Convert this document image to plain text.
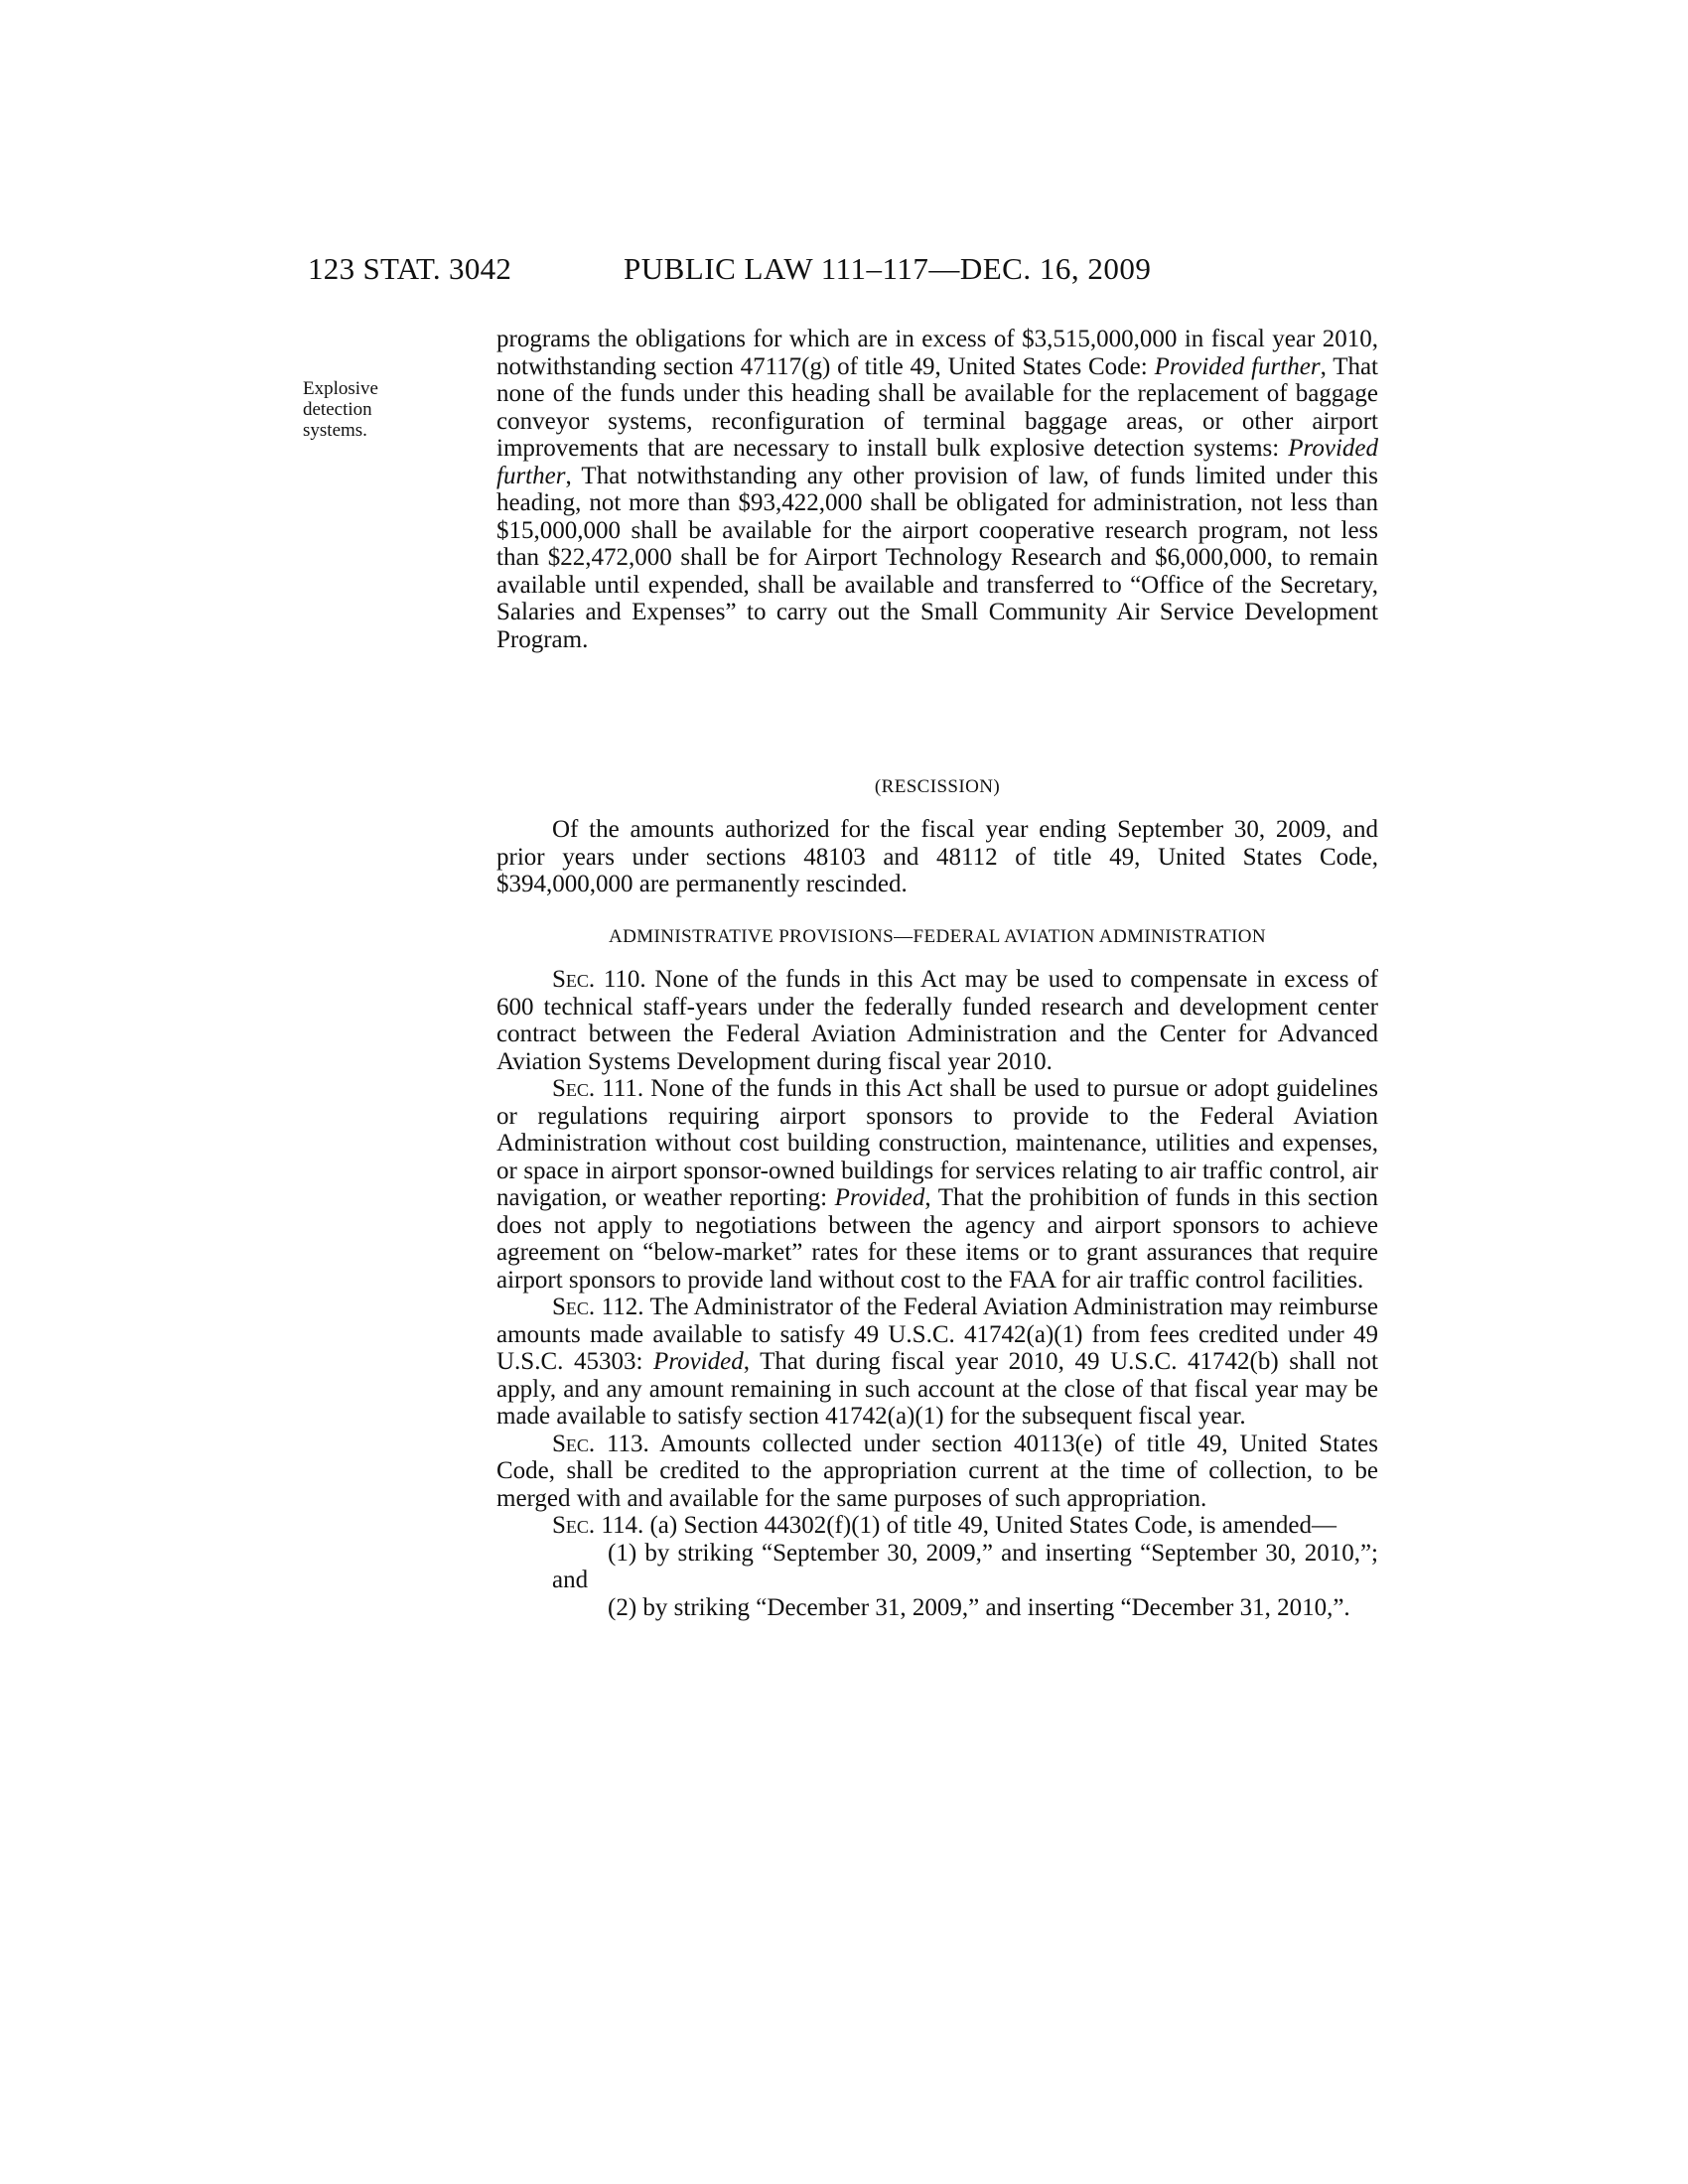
123 STAT. 3042	PUBLIC LAW 111–117—DEC. 16, 2009
Explosive
detection
systems.

programs the obligations for which are in excess of $3,515,000,000 in fiscal year 2010, notwithstanding section 47117(g) of title 49, United States Code: Provided further, That none of the funds under this heading shall be available for the replacement of baggage conveyor systems, reconfiguration of terminal baggage areas, or other airport improvements that are necessary to install bulk explosive detection systems: Provided further, That notwithstanding any other provision of law, of funds limited under this heading, not more than $93,422,000 shall be obligated for administration, not less than $15,000,000 shall be available for the airport cooperative research program, not less than $22,472,000 shall be for Airport Technology Research and $6,000,000, to remain available until expended, shall be available and transferred to “Office of the Secretary, Salaries and Expenses” to carry out the Small Community Air Service Development Program.

(RESCISSION)

Of the amounts authorized for the fiscal year ending September 30, 2009, and prior years under sections 48103 and 48112 of title 49, United States Code, $394,000,000 are permanently rescinded.

ADMINISTRATIVE PROVISIONS—FEDERAL AVIATION ADMINISTRATION

Sec. 110. None of the funds in this Act may be used to compensate in excess of 600 technical staff-years under the federally funded research and development center contract between the Federal Aviation Administration and the Center for Advanced Aviation Systems Development during fiscal year 2010.

Sec. 111. None of the funds in this Act shall be used to pursue or adopt guidelines or regulations requiring airport sponsors to provide to the Federal Aviation Administration without cost building construction, maintenance, utilities and expenses, or space in airport sponsor-owned buildings for services relating to air traffic control, air navigation, or weather reporting: Provided, That the prohibition of funds in this section does not apply to negotiations between the agency and airport sponsors to achieve agreement on “below-market” rates for these items or to grant assurances that require airport sponsors to provide land without cost to the FAA for air traffic control facilities.

Sec. 112. The Administrator of the Federal Aviation Administration may reimburse amounts made available to satisfy 49 U.S.C. 41742(a)(1) from fees credited under 49 U.S.C. 45303: Provided, That during fiscal year 2010, 49 U.S.C. 41742(b) shall not apply, and any amount remaining in such account at the close of that fiscal year may be made available to satisfy section 41742(a)(1) for the subsequent fiscal year.

Sec. 113. Amounts collected under section 40113(e) of title 49, United States Code, shall be credited to the appropriation current at the time of collection, to be merged with and available for the same purposes of such appropriation.

Sec. 114. (a) Section 44302(f)(1) of title 49, United States Code, is amended—

(1) by striking “September 30, 2009,” and inserting “September 30, 2010,”; and

(2) by striking “December 31, 2009,” and inserting “December 31, 2010,”.
